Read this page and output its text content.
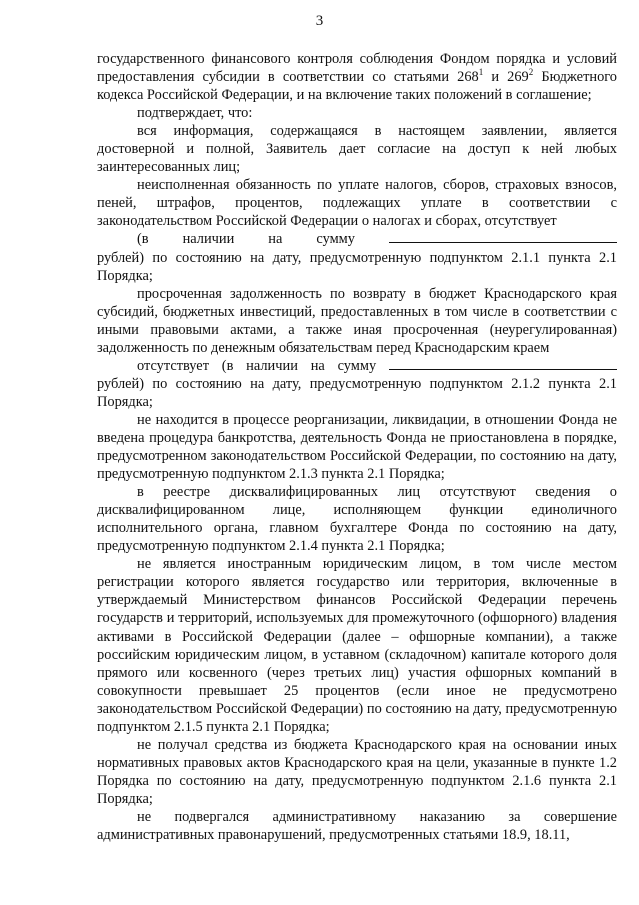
3

государственного финансового контроля соблюдения Фондом порядка и условий предоставления субсидии в соответствии со статьями $268^1$ и $269^2$ Бюджетного кодекса Российской Федерации, и на включение таких положений в соглашение;

подтверждает, что:

вся информация, содержащаяся в настоящем заявлении, является достоверной и полной, Заявитель дает согласие на доступ к ней любых заинтересованных лиц;

неисполненная обязанность по уплате налогов, сборов, страховых взносов, пеней, штрафов, процентов, подлежащих уплате в соответствии с законодательством Российской Федерации о налогах и сборах, отсутствует
(в наличии на сумму
рублей) по состоянию на дату, предусмотренную подпунктом 2.1.1 пункта 2.1 Порядка;

просроченная задолженность по возврату в бюджет Краснодарского края субсидий, бюджетных инвестиций, предоставленных в том числе в соответствии с иными правовыми актами, а также иная просроченная (неурегулированная) задолженность по денежным обязательствам перед Краснодарским краем
отсутствует (в наличии на сумму
рублей) по состоянию на дату, предусмотренную подпунктом 2.1.2 пункта 2.1 Порядка;

не находится в процессе реорганизации, ликвидации, в отношении Фонда не введена процедура банкротства, деятельность Фонда не приостановлена в порядке, предусмотренном законодательством Российской Федерации, по состоянию на дату, предусмотренную подпунктом 2.1.3 пункта 2.1 Порядка;

в реестре дисквалифицированных лиц отсутствуют сведения о дисквалифицированном лице, исполняющем функции единоличного исполнительного органа, главном бухгалтере Фонда по состоянию на дату, предусмотренную подпунктом 2.1.4 пункта 2.1 Порядка;

не является иностранным юридическим лицом, в том числе местом регистрации которого является государство или территория, включенные в утверждаемый Министерством финансов Российской Федерации перечень государств и территорий, используемых для промежуточного (офшорного) владения активами в Российской Федерации (далее – офшорные компании), а также российским юридическим лицом, в уставном (складочном) капитале которого доля прямого или косвенного (через третьих лиц) участия офшорных компаний в совокупности превышает 25 процентов (если иное не предусмотрено законодательством Российской Федерации) по состоянию на дату, предусмотренную подпунктом 2.1.5 пункта 2.1 Порядка;

не получал средства из бюджета Краснодарского края на основании иных нормативных правовых актов Краснодарского края на цели, указанные в пункте 1.2 Порядка по состоянию на дату, предусмотренную подпунктом 2.1.6 пункта 2.1 Порядка;

не подвергался административному наказанию за совершение административных правонарушений, предусмотренных статьями 18.9, 18.11,
